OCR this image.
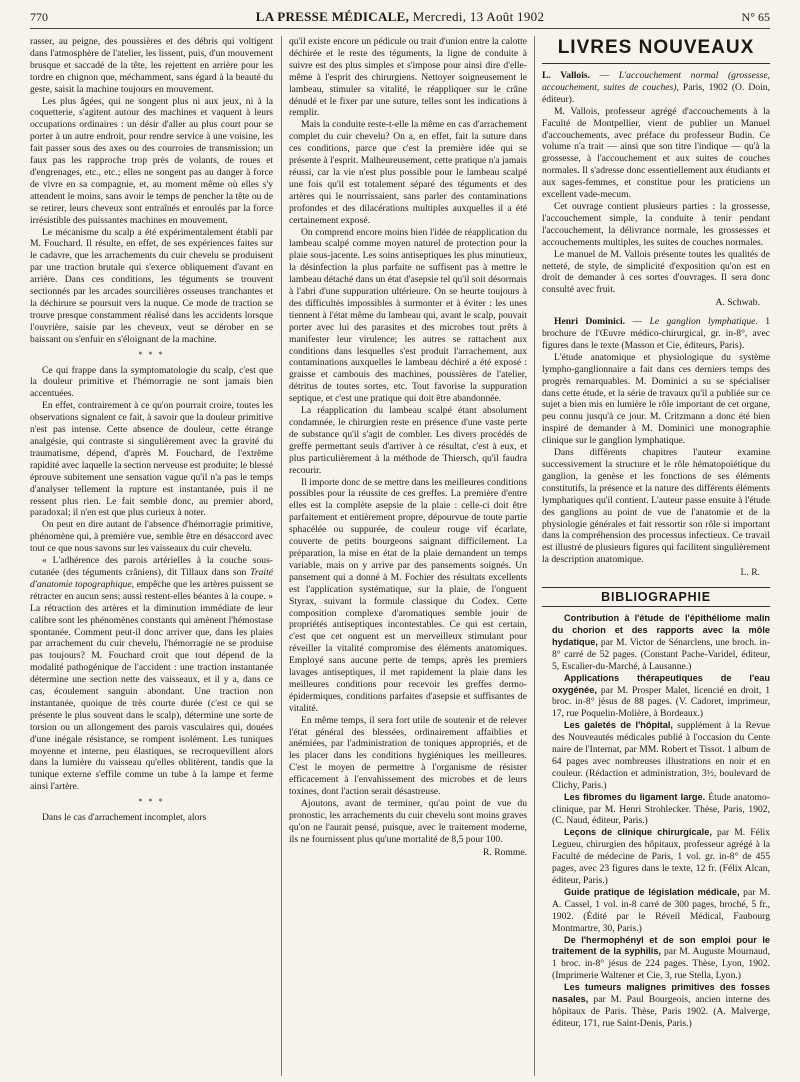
770	LA PRESSE MÉDICALE, Mercredi, 13 Août 1902	N° 65

rasser, au peigne, des poussières et des débris qui voltigent dans l'atmosphère de l'atelier, les lissent, puis, d'un mouvement brusque et saccadé de la tête, les rejettent en arrière pour les tordre en chignon que, méchamment, sans égard à la beauté du geste, saisit la machine toujours en mouvement.

Les plus âgées, qui ne songent plus ni aux jeux, ni à la coquetterie, s'agitent autour des machines et vaquent à leurs occupations ordinaires : un désir d'aller au plus court pour se porter à un autre endroit, pour rendre service à une voisine, les fait passer sous des axes ou des courroies de transmission; un faux pas les rapproche trop près de volants, de roues et d'engrenages, etc., etc.; elles ne songent pas au danger à force de vivre en sa compagnie, et, au moment même où elles s'y attendent le moins, sans avoir le temps de pencher la tête ou de se retirer, leurs cheveux sont entraînés et enroulés par la force irrésistible des puissantes machines en mouvement.

Le mécanisme du scalp a été expérimentalement établi par M. Fouchard. Il résulte, en effet, de ses expériences faites sur le cadavre, que les arrachements du cuir chevelu se produisent par une traction brutale qui s'exerce obliquement d'avant en arrière. Dans ces conditions, les téguments se trouvent sectionnés par les arcades sourcilières osseuses tranchantes et la déchirure se poursuit vers la nuque. Ce mode de traction se trouve presque constamment réalisé dans les accidents lorsque l'ouvrière, saisie par les cheveux, veut se dérober en se baissant ou s'enfuir en s'éloignant de la machine.

* * *

Ce qui frappe dans la symptomatologie du scalp, c'est que la douleur primitive et l'hémorragie ne sont jamais bien accentuées.

En effet, contrairement à ce qu'on pourrait croire, toutes les observations signalent ce fait, à savoir que la douleur primitive n'est pas intense. Cette absence de douleur, cette étrange analgésie, qui contraste si singulièrement avec la gravité du traumatisme, dépend, d'après M. Fouchard, de l'extrême rapidité avec laquelle la section nerveuse est produite; le blessé éprouve subitement une sensation vague qu'il n'a pas le temps d'analyser tellement la rupture est instantanée, puis il ne ressent plus rien. Le fait semble donc, au premier abord, paradoxal; il n'en est que plus curieux à noter.

On peut en dire autant de l'absence d'hémorragie primitive, phénomène qui, à première vue, semble être en désaccord avec tout ce que nous savons sur les vaisseaux du cuir chevelu.

« L'adhérence des parois artérielles à la couche sous-cutanée (des téguments crâniens), dit Tillaux dans son Traité d'anatomie topographique, empêche que les artères puissent se rétracter en aucun sens; aussi restent-elles béantes à la coupe. » La rétraction des artères et la diminution immédiate de leur calibre sont les phénomènes constants qui amènent l'hémostase spontanée. Comment peut-il donc arriver que, dans les plaies par arrachement du cuir chevelu, l'hémorragie ne se produise pas toujours? M. Fouchard croit que tout dépend de la modalité pathogénique de l'accident : une traction instantanée détermine une section nette des vaisseaux, et il y a, dans ce cas, écoulement sanguin abondant. Une traction non instantanée, quoique de très courte durée (c'est ce qui se présente le plus souvent dans le scalp), détermine une sorte de torsion ou un allongement des parois vasculaires qui, douées d'une inégale résistance, se rompent isolément. Les tuniques moyenne et interne, peu élastiques, se recroquevillent alors dans la lumière du vaisseau qu'elles oblitèrent, tandis que la tunique externe s'effile comme un tube à la lampe et ferme ainsi l'artère.

* * *

Dans le cas d'arrachement incomplet, alors

qu'il existe encore un pédicule ou trait d'union entre la calotte déchirée et le reste des téguments, la ligne de conduite à suivre est des plus simples et s'impose pour ainsi dire d'elle-même à l'esprit des chirurgiens. Nettoyer soigneusement le lambeau, stimuler sa vitalité, le réappliquer sur le crâne dénudé et le fixer par une suture, telles sont les indications à remplir.

Mais la conduite reste-t-elle la même en cas d'arrachement complet du cuir chevelu? On a, en effet, fait la suture dans ces conditions, parce que c'est la première idée qui se présente à l'esprit. Malheureusement, cette pratique n'a jamais réussi, car la vie n'est plus possible pour le lambeau scalpé une fois qu'il est totalement séparé des téguments et des artères qui le nourrissaient, sans parler des contaminations profondes et des dilacérations multiples auxquelles il a été certainement exposé.

On comprend encore moins bien l'idée de réapplication du lambeau scalpé comme moyen naturel de protection pour la plaie sous-jacente. Les soins antiseptiques les plus minutieux, la désinfection la plus parfaite ne suffisent pas à mettre le lambeau détaché dans un état d'asepsie tel qu'il soit désormais à l'abri d'une suppuration ultérieure. On se heurte toujours à des difficultés impossibles à surmonter et à éviter : les unes tiennent à l'état même du lambeau qui, avant le scalp, pouvait porter avec lui des parasites et des microbes tout prêts à manifester leur virulence; les autres se rattachent aux conditions dans lesquelles s'est produit l'arrachement, aux contaminations auxquelles le lambeau déchiré a été exposé : graisse et cambouis des machines, poussières de l'atelier, détritus de toutes sortes, etc. Tout favorise la suppuration septique, et c'est une pratique qui doit être abandonnée.

La réapplication du lambeau scalpé étant absolument condamnée, le chirurgien reste en présence d'une vaste perte de substance qu'il s'agit de combler. Les divers procédés de greffe permettant seuls d'arriver à ce résultat, c'est à eux, et plus particulièrement à la méthode de Thiersch, qu'il faudra recourir.

Il importe donc de se mettre dans les meilleures conditions possibles pour la réussite de ces greffes. La première d'entre elles est la complète asepsie de la plaie : celle-ci doit être parfaitement et entièrement propre, dépourvue de toute partie sphacélée ou suppurée, de couleur rouge vif écarlate, couverte de petits bourgeons saignant difficilement. La préparation, la mise en état de la plaie demandent un temps variable, mais on y arrive par des pansements soignés. Un pansement qui a donné à M. Fochier des résultats excellents est l'application systématique, sur la plaie, de l'onguent Styrax, suivant la formule classique du Codex. Cette composition complexe d'aromatiques semble jouir de propriétés antiseptiques incontestables. Ce qui est certain, c'est que cet onguent est un merveilleux stimulant pour réveiller la vitalité compromise des éléments anatomiques. Employé sans aucune perte de temps, après les premiers lavages antiseptiques, il met rapidement la plaie dans les meilleures conditions pour recevoir les greffes dermo-épidermiques, conditions parfaites d'asepsie et suffisantes de vitalité.

En même temps, il sera fort utile de soutenir et de relever l'état général des blessées, ordinairement affaiblies et anémiées, par l'administration de toniques appropriés, et de les placer dans les conditions hygiéniques les meilleures. C'est le moyen de permettre à l'organisme de résister efficacement à l'envahissement des microbes et de leurs toxines, dont l'action serait désastreuse.

Ajoutons, avant de terminer, qu'au point de vue du pronostic, les arrachements du cuir chevelu sont moins graves qu'on ne l'aurait pensé, puisque, avec le traitement moderne, ils ne fournissent plus qu'une mortalité de 8,5 pour 100.

R. Romme.
LIVRES NOUVEAUX

L. Vallois. — L'accouchement normal (grossesse, accouchement, suites de couches), Paris, 1902 (O. Doin, éditeur).

M. Vallois, professeur agrégé d'accouchements à la Faculté de Montpellier, vient de publier un Manuel d'accouchements, avec préface du professeur Budin. Ce volume n'a trait — ainsi que son titre l'indique — qu'à la grossesse, à l'accouchement et aux suites de couches normales. Il s'adresse donc essentiellement aux étudiants et aux sages-femmes, et constitue pour les praticiens un excellent vade-mecum.

Cet ouvrage contient plusieurs parties : la grossesse, l'accouchement simple, la conduite à tenir pendant l'accouchement, la délivrance normale, les grossesses et accouchements multiples, les suites de couches normales.

Le manuel de M. Vallois présente toutes les qualités de netteté, de style, de simplicité d'exposition qu'on est en droit de demander à ces sortes d'ouvrages. Il sera donc consulté avec fruit.

A. Schwab.

Henri Dominici. — Le ganglion lymphatique. 1 brochure de l'Œuvre médico-chirurgical, gr. in-8°, avec figures dans le texte (Masson et Cie, éditeurs, Paris).

L'étude anatomique et physiologique du système lympho-ganglionnaire a fait dans ces derniers temps des progrès remarquables. M. Dominici a su se spécialiser dans cette étude, et la série de travaux qu'il a publiée sur ce sujet a bien mis en lumière le rôle important de cet organe, peu connu jusqu'à ce jour. M. Critzmann a donc été bien inspiré de demander à M. Dominici une monographie clinique sur le ganglion lymphatique.

Dans différents chapitres l'auteur examine successivement la structure et le rôle hématopoïétique du ganglion, la genèse et les fonctions de ses éléments constitutifs, la présence et la nature des différents éléments lymphatiques qu'il contient. L'auteur passe ensuite à l'étude des ganglions au point de vue de l'anatomie et de la physiologie générales et fait ressortir son rôle si important dans la compréhension des processus infectieux. Ce travail est illustré de plusieurs figures qui facilitent singulièrement la description anatomique.

L. R.
BIBLIOGRAPHIE

Contribution à l'étude de l'épithéliome malin du chorion et des rapports avec la môle hydatique, par M. Victor de Sénarclens, une broch. in-8° carré de 52 pages. (Constant Pache-Varidel, éditeur, 5, Escalier-du-Marché, à Lausanne.)

Applications thérapeutiques de l'eau oxygénée, par M. Prosper Malet, licencié en droit, 1 broc. in-8° jésus de 88 pages. (V. Cadoret, imprimeur, 17, rue Poquelin-Molière, à Bordeaux.)

Les galetés de l'hôpital, supplément à la Revue des Nouveautés médicales publié à l'occasion du Cente naire de l'Internat, par MM. Robert et Tissot. 1 album de 64 pages avec nombreuses illustrations en noir et en couleur. (Rédaction et administration, 3½, boulevard de Clichy, Paris.)

Les fibromes du ligament large. Étude anatomo-clinique, par M. Henri Strohlecker. Thèse, Paris, 1902, (C. Naud, éditeur, Paris.)

Leçons de clinique chirurgicale, par M. Félix Legueu, chirurgien des hôpitaux, professeur agrégé à la Faculté de médecine de Paris, 1 vol. gr. in-8° de 455 pages, avec 23 figures dans le texte, 12 fr. (Félix Alcan, éditeur, Paris.)

Guide pratique de législation médicale, par M. A. Cassel, 1 vol. in-8 carré de 300 pages, broché, 5 fr., 1902. (Édité par le Réveil Médical, Faubourg Montmartre, 30, Paris.)

De l'hermophényl et de son emploi pour le traitement de la syphilis, par M. Auguste Mournaud, 1 broc. in-8° jésus de 224 pages. Thèse, Lyon, 1902. (Imprimerie Waltener et Cie, 3, rue Stella, Lyon.)

Les tumeurs malignes primitives des fosses nasales, par M. Paul Bourgeois, ancien interne des hôpitaux de Paris. Thèse, Paris 1902. (A. Malverge, éditeur, 171, rue Saint-Denis, Paris.)
